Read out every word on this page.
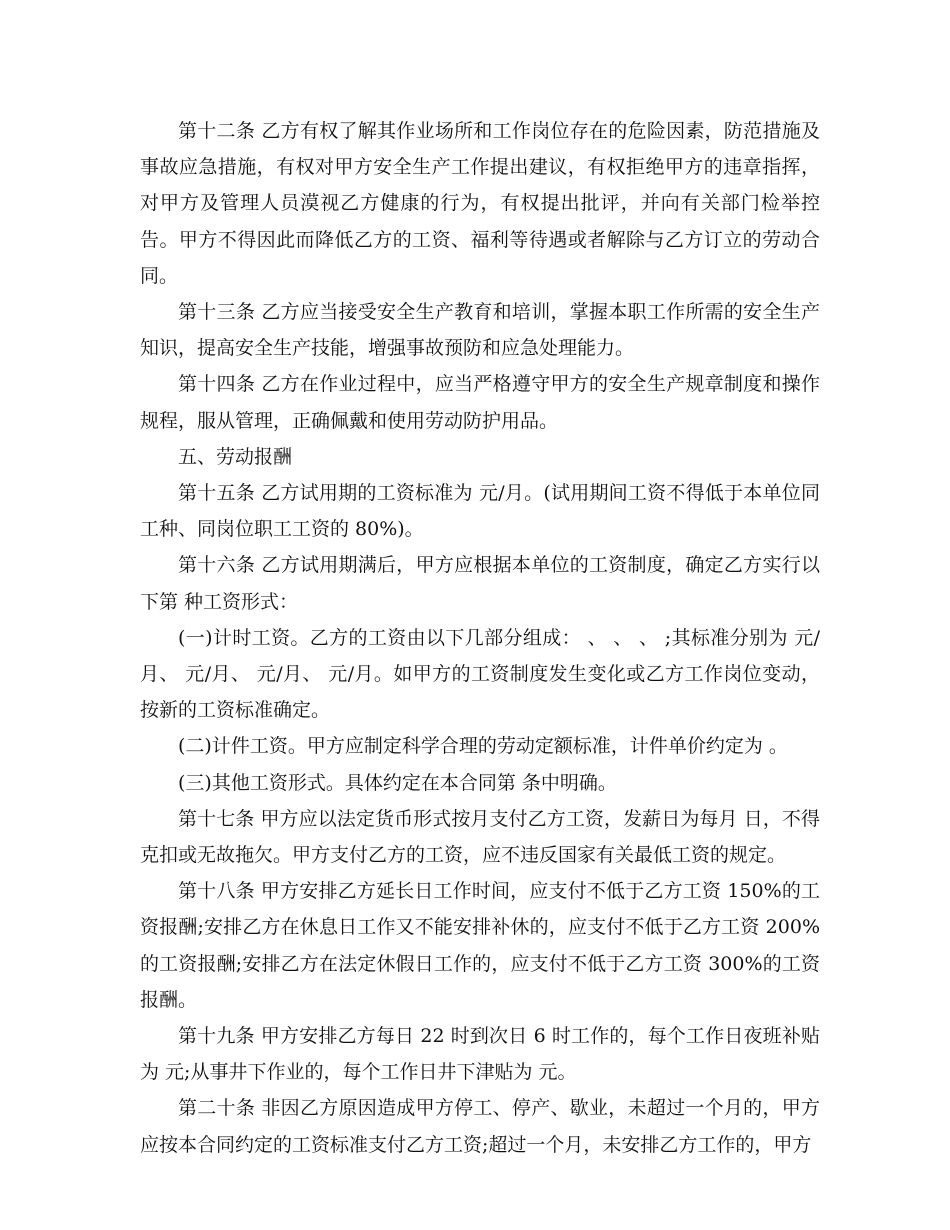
第十二条 乙方有权了解其作业场所和工作岗位存在的危险因素，防范措施及事故应急措施，有权对甲方安全生产工作提出建议，有权拒绝甲方的违章指挥，对甲方及管理人员漠视乙方健康的行为，有权提出批评，并向有关部门检举控告。甲方不得因此而降低乙方的工资、福利等待遇或者解除与乙方订立的劳动合同。

第十三条 乙方应当接受安全生产教育和培训，掌握本职工作所需的安全生产知识，提高安全生产技能，增强事故预防和应急处理能力。

第十四条 乙方在作业过程中，应当严格遵守甲方的安全生产规章制度和操作规程，服从管理，正确佩戴和使用劳动防护用品。

五、劳动报酬

第十五条 乙方试用期的工资标准为 元/月。(试用期间工资不得低于本单位同工种、同岗位职工工资的 80%)。

第十六条 乙方试用期满后，甲方应根据本单位的工资制度，确定乙方实行以下第 种工资形式：

(一)计时工资。乙方的工资由以下几部分组成： 、 、 、 ;其标准分别为 元/月、 元/月、 元/月、 元/月。如甲方的工资制度发生变化或乙方工作岗位变动，按新的工资标准确定。

(二)计件工资。甲方应制定科学合理的劳动定额标准，计件单价约定为 。

(三)其他工资形式。具体约定在本合同第 条中明确。

第十七条 甲方应以法定货币形式按月支付乙方工资，发薪日为每月 日，不得克扣或无故拖欠。甲方支付乙方的工资，应不违反国家有关最低工资的规定。

第十八条 甲方安排乙方延长日工作时间，应支付不低于乙方工资 150%的工资报酬;安排乙方在休息日工作又不能安排补休的，应支付不低于乙方工资 200%的工资报酬;安排乙方在法定休假日工作的，应支付不低于乙方工资 300%的工资报酬。

第十九条 甲方安排乙方每日 22 时到次日 6 时工作的，每个工作日夜班补贴为 元;从事井下作业的，每个工作日井下津贴为 元。

第二十条 非因乙方原因造成甲方停工、停产、歇业，未超过一个月的，甲方应按本合同约定的工资标准支付乙方工资;超过一个月，未安排乙方工作的，甲方
